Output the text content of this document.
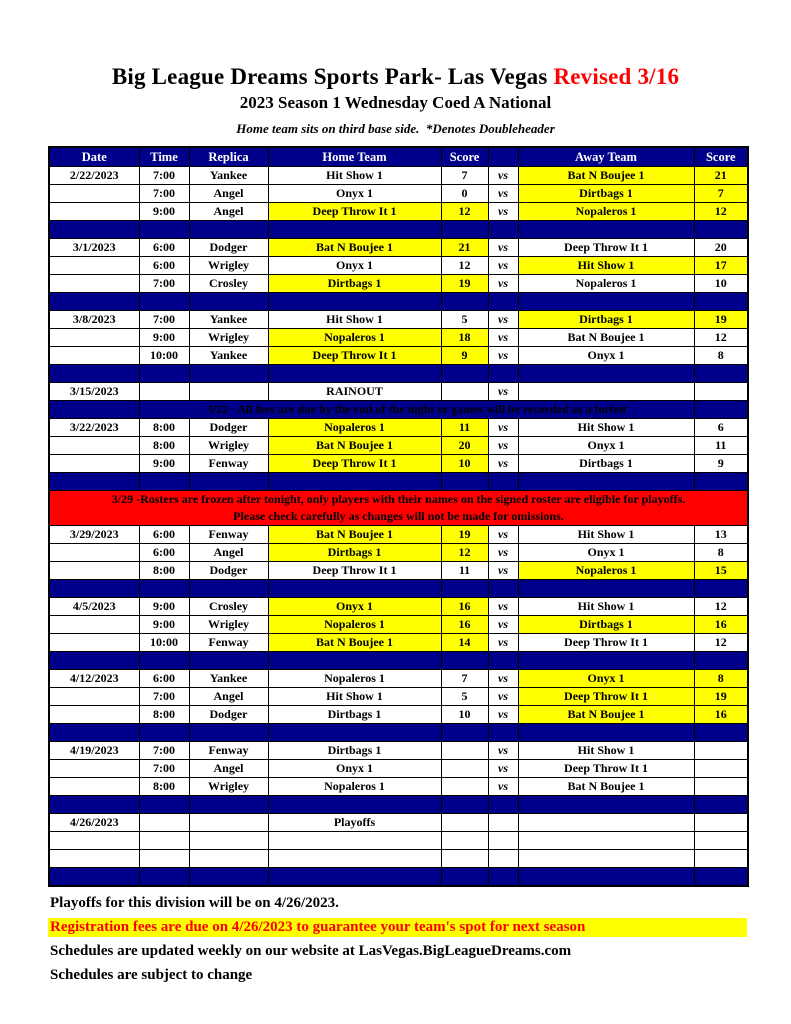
Big League Dreams Sports Park- Las Vegas Revised 3/16
2023 Season 1 Wednesday Coed A National
Home team sits on third base side.  *Denotes Doubleheader
Date	Time	Replica	Home Team	Score		Away Team	Score
2/22/2023	7:00	Yankee	Hit Show 1	7	vs	Bat N Boujee 1	21
	7:00	Angel	Onyx 1	0	vs	Dirtbags 1	7
	9:00	Angel	Deep Throw It 1	12	vs	Nopaleros 1	12

3/1/2023	6:00	Dodger	Bat N Boujee 1	21	vs	Deep Throw It 1	20
	6:00	Wrigley	Onyx 1	12	vs	Hit Show 1	17
	7:00	Crosley	Dirtbags 1	19	vs	Nopaleros 1	10

3/8/2023	7:00	Yankee	Hit Show 1	5	vs	Dirtbags 1	19
	9:00	Wrigley	Nopaleros 1	18	vs	Bat N Boujee 1	12
	10:00	Yankee	Deep Throw It 1	9	vs	Onyx 1	8

3/15/2023			RAINOUT		vs		
	3/22 - All fees are due by the end of the night or games will be recorded as a forfeit						
3/22/2023	8:00	Dodger	Nopaleros 1	11	vs	Hit Show 1	6
	8:00	Wrigley	Bat N Boujee 1	20	vs	Onyx 1	11
	9:00	Fenway	Deep Throw It 1	10	vs	Dirtbags 1	9

3/29 -Rosters are frozen after tonight, only players with their names on the signed roster are eligible for playoffs.
Please check carefully as changes will not be made for omissions.							

3/29/2023	6:00	Fenway	Bat N Boujee 1	19	vs	Hit Show 1	13
	6:00	Angel	Dirtbags 1	12	vs	Onyx 1	8
	8:00	Dodger	Deep Throw It 1	11	vs	Nopaleros 1	15

4/5/2023	9:00	Crosley	Onyx 1	16	vs	Hit Show 1	12
	9:00	Wrigley	Nopaleros 1	16	vs	Dirtbags 1	16
	10:00	Fenway	Bat N Boujee 1	14	vs	Deep Throw It 1	12

4/12/2023	6:00	Yankee	Nopaleros 1	7	vs	Onyx 1	8
	7:00	Angel	Hit Show 1	5	vs	Deep Throw It 1	19
	8:00	Dodger	Dirtbags 1	10	vs	Bat N Boujee 1	16

4/19/2023	7:00	Fenway	Dirtbags 1		vs	Hit Show 1	
	7:00	Angel	Onyx 1		vs	Deep Throw It 1	
	8:00	Wrigley	Nopaleros 1		vs	Bat N Boujee 1	

4/26/2023			Playoffs				

Playoffs for this division will be on 4/26/2023.
Registration fees are due on 4/26/2023 to guarantee your team's spot for next season
Schedules are updated weekly on our website at LasVegas.BigLeagueDreams.com
Schedules are subject to change
